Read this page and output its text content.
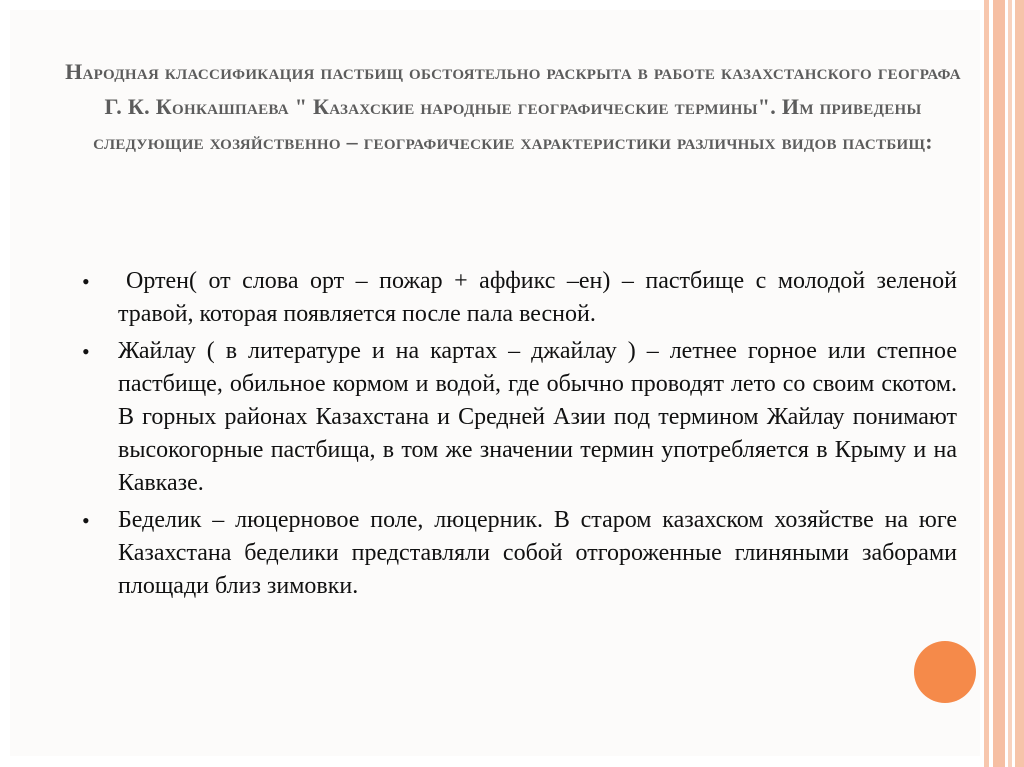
Народная классификация пастбищ обстоятельно раскрыта в работе казахстанского географа Г. К. Конкашпаева " Казахские народные географические термины". Им приведены следующие хозяйственно – географические характеристики различных видов пастбищ:
• Ортен( от слова орт – пожар + аффикс –ен) – пастбище с молодой зеленой травой, которая появляется после пала весной.
• Жайлау ( в литературе и на картах – джайлау ) – летнее горное или степное пастбище, обильное кормом и водой, где обычно проводят лето со своим скотом. В горных районах Казахстана и Средней Азии под термином Жайлау понимают высокогорные пастбища, в том же значении термин употребляется в Крыму и на Кавказе.
• Беделик – люцерновое поле, люцерник. В старом казахском хозяйстве на юге Казахстана беделики представляли собой отгороженные глиняными заборами площади близ зимовки.
